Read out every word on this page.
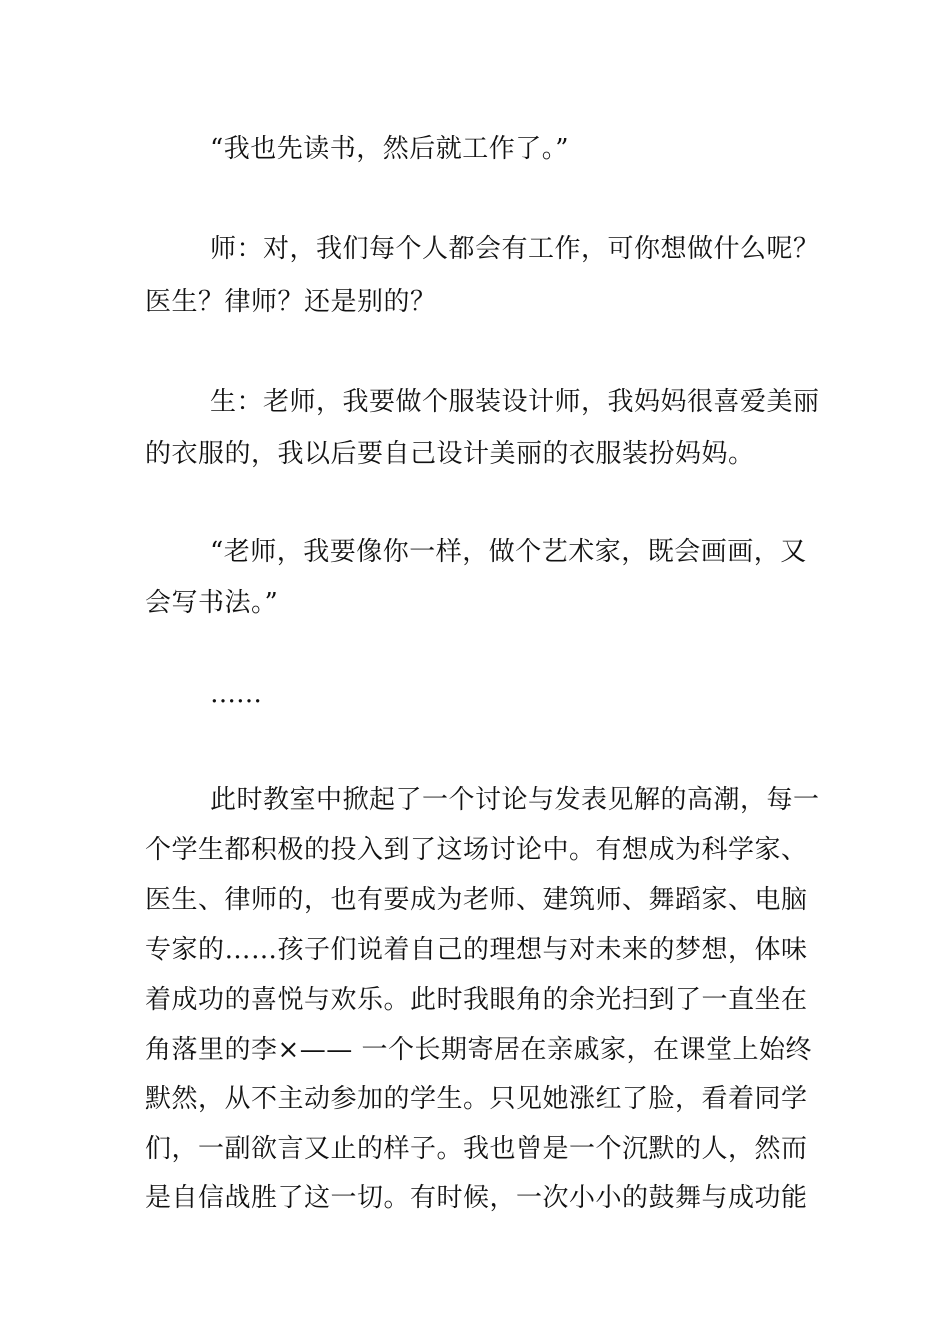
“我也先读书，然后就工作了。”
师：对，我们每个人都会有工作，可你想做什么呢？
医生？律师？还是别的？
生：老师，我要做个服装设计师，我妈妈很喜爱美丽
的衣服的，我以后要自己设计美丽的衣服装扮妈妈。
“老师，我要像你一样，做个艺术家，既会画画，又
会写书法。”
……
此时教室中掀起了一个讨论与发表见解的高潮，每一
个学生都积极的投入到了这场讨论中。有想成为科学家、
医生、律师的，也有要成为老师、建筑师、舞蹈家、电脑
专家的……孩子们说着自己的理想与对未来的梦想，体味
着成功的喜悦与欢乐。此时我眼角的余光扫到了一直坐在
角落里的李×—— 一个长期寄居在亲戚家，在课堂上始终
默然，从不主动参加的学生。只见她涨红了脸，看着同学
们，一副欲言又止的样子。我也曾是一个沉默的人，然而
是自信战胜了这一切。有时候，一次小小的鼓舞与成功能
